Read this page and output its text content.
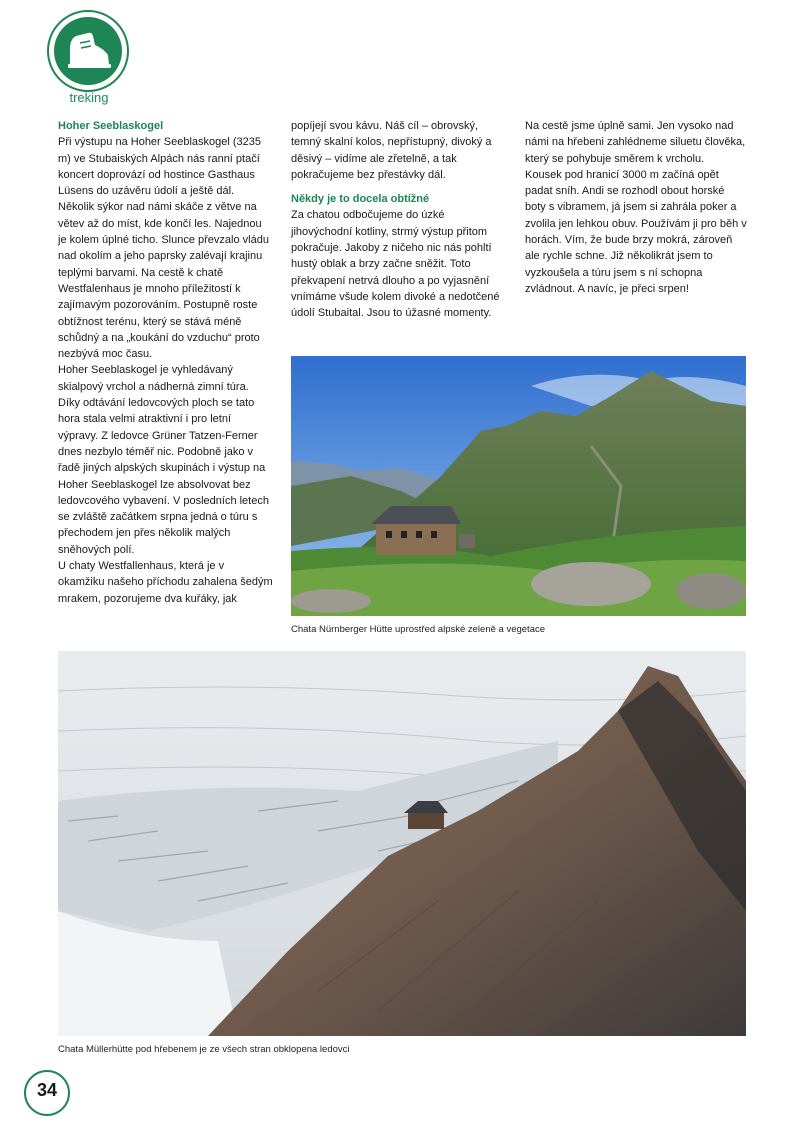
treking

Hoher Seeblaskogel

Při výstupu na Hoher Seeblaskogel (3235 m) ve Stubaiských Alpách nás ranní ptačí koncert doprovází od hostince Gasthaus Lüsens do uzávěru údolí a ještě dál. Několik sýkor nad námi skáče z větve na větev až do míst, kde končí les. Najednou je kolem úplné ticho. Slunce převzalo vládu nad okolím a jeho paprsky zalévají krajinu teplými barvami. Na cestě k chatě Westfalenhaus je mnoho příležitostí k zajímavým pozorováním. Postupně roste obtížnost terénu, který se stává méně schůdný a na „koukání do vzduchu“ proto nezbývá moc času.

Hoher Seeblaskogel je vyhledávaný skialpový vrchol a nádherná zimní túra. Díky odtávání ledovcových ploch se tato hora stala velmi atraktivní i pro letní výpravy. Z ledovce Grüner Tatzen-Ferner dnes nezbylo téměř nic. Podobně jako v řadě jiných alpských skupinách i výstup na Hoher Seeblaskogel lze absolvovat bez ledovcového vybavení. V posledních letech se zvláště začátkem srpna jedná o túru s přechodem jen přes několik malých sněhových polí.

U chaty Westfallenhaus, která je v okamžiku našeho příchodu zahalena šedým mrakem, pozorujeme dva kuřáky, jak

popíjejí svou kávu. Náš cíl – obrovský, temný skalní kolos, nepřístupný, divoký a děsivý – vidíme ale zřetelně, a tak pokračujeme bez přestávky dál.

Někdy je to docela obtížné

Za chatou odbočujeme do úzké jihovýchodní kotliny, strmý výstup přitom pokračuje. Jakoby z ničeho nic nás pohltí hustý oblak a brzy začne sněžit. Toto překvapení netrvá dlouho a po vyjasnění vnímáme všude kolem divoké a nedotčené údolí Stubaital. Jsou to úžasné momenty.

Na cestě jsme úplně sami. Jen vysoko nad námi na hřebeni zahlédneme siluetu člověka, který se pohybuje směrem k vrcholu.

Kousek pod hranicí 3000 m začíná opět padat sníh. Andi se rozhodl obout horské boty s vibramem, já jsem si zahrála poker a zvolila jen lehkou obuv. Používám ji pro běh v horách. Vím, že bude brzy mokrá, zároveň ale rychle schne. Již několikrát jsem to vyzkoušela a túru jsem s ní schopna zvládnout. A navíc, je přeci srpen!

Chata Nürnberger Hütte uprostřed alpské zeleně a vegetace
Chata Müllerhütte pod hřebenem je ze všech stran obklopena ledovci
34
